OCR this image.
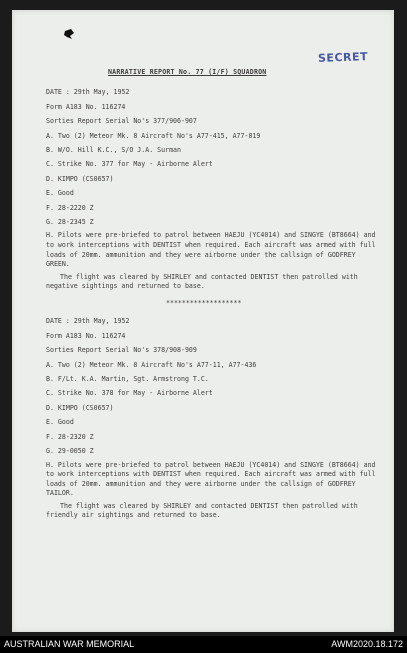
SECRET
NARRATIVE REPORT No. 77 (I/F) SQUADRON
DATE : 29th May, 1952
Form A183 No. 116274
Sorties Report Serial No's 377/906-907
A. Two (2) Meteor Mk. 8 Aircraft No's A77-415, A77-819
B. W/O. Hill K.C., S/O J.A. Surman
C. Strike No. 377 for May - Airborne Alert
D. KIMPO (CS0657)
E. Good
F. 28-2220 Z
G. 28-2345 Z
H. Pilots were pre-briefed to patrol between HAEJU (YC4014) and SINGYE (BT8664) and to work interceptions with DENTIST when required. Each aircraft was armed with full loads of 20mm. ammunition and they were airborne under the callsign of GODFREY GREEN.
The flight was cleared by SHIRLEY and contacted DENTIST then patrolled with negative sightings and returned to base.
*******************
DATE : 29th May, 1952
Form A183 No. 116274
Sorties Report Serial No's 378/908-909
A. Two (2) Meteor Mk. 8 Aircraft No's A77-11, A77-436
B. F/Lt. K.A. Martin, Sgt. Armstrong T.C.
C. Strike No. 378 for May - Airborne Alert
D. KIMPO (CS0657)
E. Good
F. 28-2320 Z
G. 29-0050 Z
H. Pilots were pre-briefed to patrol between HAEJU (YC4014) and SINGYE (BT8664) and to work interceptions with DENTIST when required. Each aircraft was armed with full loads of 20mm. ammunition and they were airborne under the callsign of GODFREY TAILOR.
The flight was cleared by SHIRLEY and contacted DENTIST then patrolled with friendly air sightings and returned to base.
AUSTRALIAN WAR MEMORIAL	AWM2020.18.172
